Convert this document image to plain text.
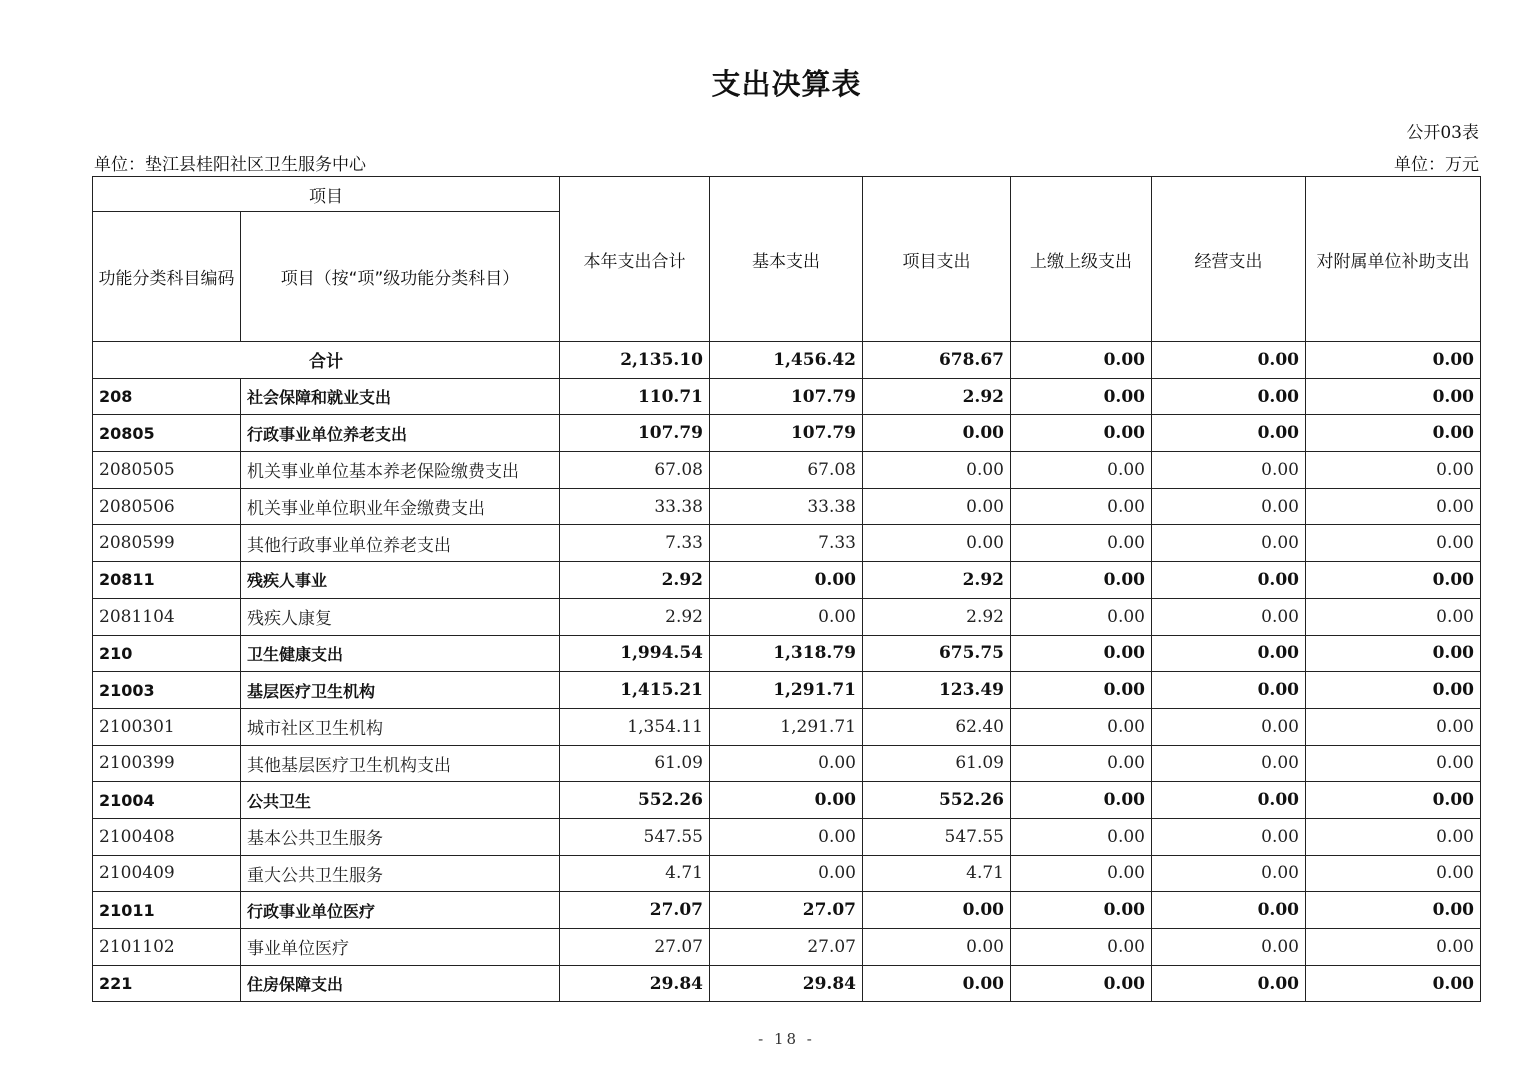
支出决算表
公开03表
单位：垫江县桂阳社区卫生服务中心	单位：万元
项目		本年支出合计	基本支出	项目支出	上缴上级支出	经营支出	对附属单位补助支出
功能分类科目编码	项目（按“项”级功能分类科目）						
合计		2,135.10	1,456.42	678.67	0.00	0.00	0.00
208	社会保障和就业支出	110.71	107.79	2.92	0.00	0.00	0.00
20805	行政事业单位养老支出	107.79	107.79	0.00	0.00	0.00	0.00
2080505	机关事业单位基本养老保险缴费支出	67.08	67.08	0.00	0.00	0.00	0.00
2080506	机关事业单位职业年金缴费支出	33.38	33.38	0.00	0.00	0.00	0.00
2080599	其他行政事业单位养老支出	7.33	7.33	0.00	0.00	0.00	0.00
20811	残疾人事业	2.92	0.00	2.92	0.00	0.00	0.00
2081104	残疾人康复	2.92	0.00	2.92	0.00	0.00	0.00
210	卫生健康支出	1,994.54	1,318.79	675.75	0.00	0.00	0.00
21003	基层医疗卫生机构	1,415.21	1,291.71	123.49	0.00	0.00	0.00
2100301	城市社区卫生机构	1,354.11	1,291.71	62.40	0.00	0.00	0.00
2100399	其他基层医疗卫生机构支出	61.09	0.00	61.09	0.00	0.00	0.00
21004	公共卫生	552.26	0.00	552.26	0.00	0.00	0.00
2100408	基本公共卫生服务	547.55	0.00	547.55	0.00	0.00	0.00
2100409	重大公共卫生服务	4.71	0.00	4.71	0.00	0.00	0.00
21011	行政事业单位医疗	27.07	27.07	0.00	0.00	0.00	0.00
2101102	事业单位医疗	27.07	27.07	0.00	0.00	0.00	0.00
221	住房保障支出	29.84	29.84	0.00	0.00	0.00	0.00
- 18 -
